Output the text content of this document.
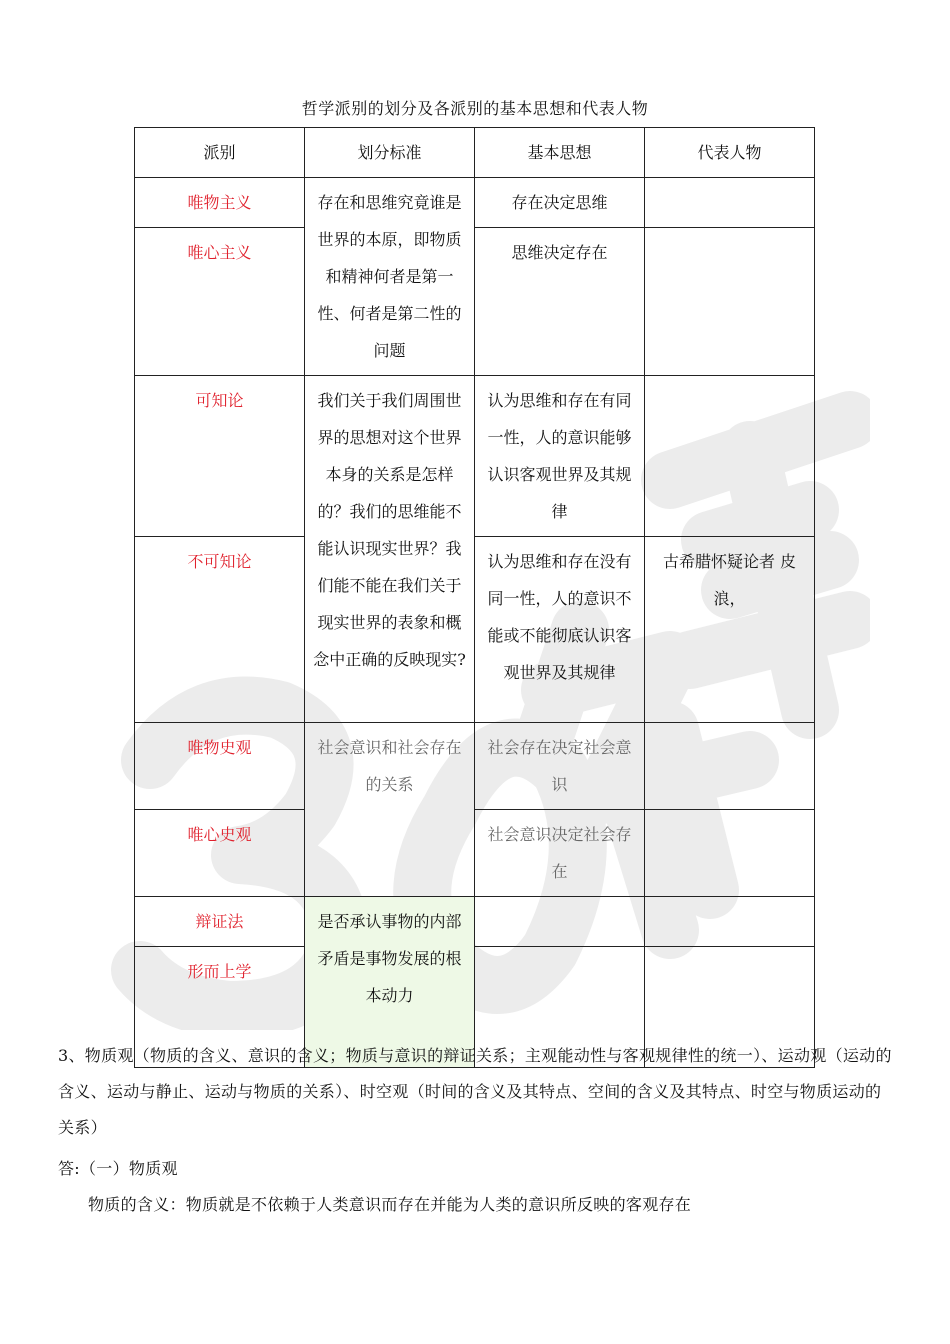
哲学派别的划分及各派别的基本思想和代表人物
派别	划分标准	基本思想	代表人物
唯物主义	存在和思维究竟谁是世界的本原，即物质和精神何者是第一性、何者是第二性的问题	存在决定思维	
唯心主义		思维决定存在	
可知论	我们关于我们周围世界的思想对这个世界本身的关系是怎样的？我们的思维能不能认识现实世界？我们能不能在我们关于现实世界的表象和概念中正确的反映现实?	认为思维和存在有同一性，人的意识能够认识客观世界及其规律	
不可知论		认为思维和存在没有同一性，人的意识不能或不能彻底认识客观世界及其规律	古希腊怀疑论者 皮浪，
唯物史观	社会意识和社会存在的关系	社会存在决定社会意识	
唯心史观		社会意识决定社会存在	
辩证法	是否承认事物的内部矛盾是事物发展的根本动力		
形而上学			
3、物质观（物质的含义、意识的含义；物质与意识的辩证关系；主观能动性与客观规律性的统一）、运动观（运动的含义、运动与静止、运动与物质的关系）、时空观（时间的含义及其特点、空间的含义及其特点、时空与物质运动的关系）
答:（一）物质观
物质的含义：物质就是不依赖于人类意识而存在并能为人类的意识所反映的客观存在
